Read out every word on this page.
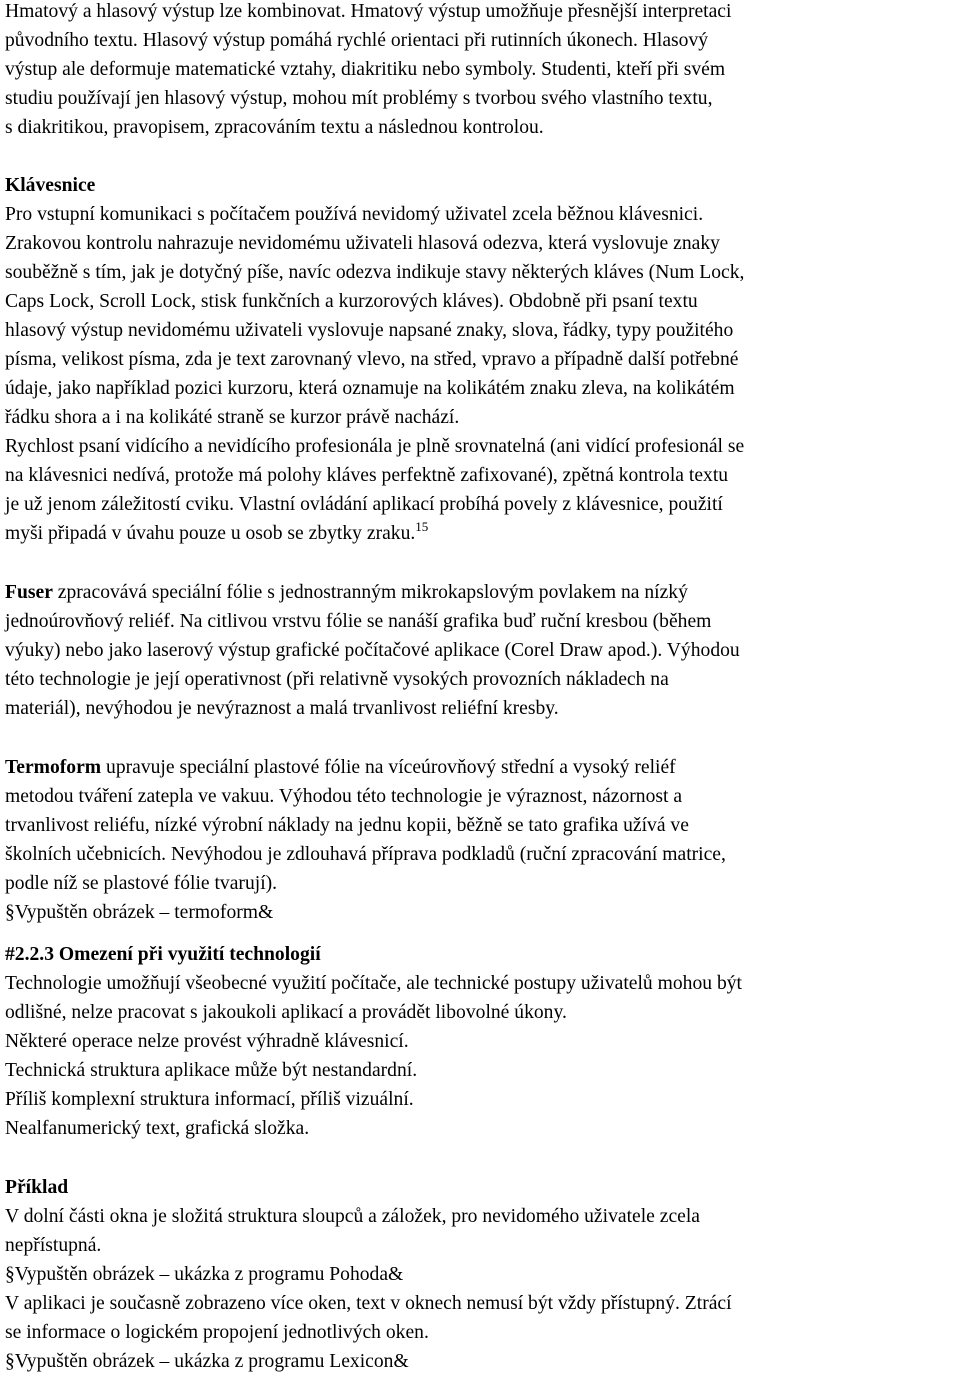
Hmatový a hlasový výstup lze kombinovat. Hmatový výstup umožňuje přesnější interpretaci
původního textu. Hlasový výstup pomáhá rychlé orientaci při rutinních úkonech. Hlasový
výstup ale deformuje matematické vztahy, diakritiku nebo symboly. Studenti, kteří při svém
studiu používají jen hlasový výstup, mohou mít problémy s tvorbou svého vlastního textu,
s diakritikou, pravopisem, zpracováním textu a následnou kontrolou.
Klávesnice
Pro vstupní komunikaci s počítačem používá nevidomý uživatel zcela běžnou klávesnici.
Zrakovou kontrolu nahrazuje nevidomému uživateli hlasová odezva, která vyslovuje znaky
souběžně s tím, jak je dotyčný píše, navíc odezva indikuje stavy některých kláves (Num Lock,
Caps Lock, Scroll Lock, stisk funkčních a kurzorových kláves). Obdobně při psaní textu
hlasový výstup nevidomému uživateli vyslovuje napsané znaky, slova, řádky, typy použitého
písma, velikost písma, zda je text zarovnaný vlevo, na střed, vpravo a případně další potřebné
údaje, jako například pozici kurzoru, která oznamuje na kolikátém znaku zleva, na kolikátém
řádku shora a i na kolikáté straně se kurzor právě nachází.
Rychlost psaní vidícího a nevidícího profesionála je plně srovnatelná (ani vidící profesionál se
na klávesnici nedívá, protože má polohy kláves perfektně zafixované), zpětná kontrola textu
je už jenom záležitostí cviku. Vlastní ovládání aplikací probíhá povely z klávesnice, použití
myši připadá v úvahu pouze u osob se zbytky zraku.$^{15}$
Fuser zpracovává speciální fólie s jednostranným mikrokapslovým povlakem na nízký
jednoúrovňový reliéf. Na citlivou vrstvu fólie se nanáší grafika buď ruční kresbou (během
výuky) nebo jako laserový výstup grafické počítačové aplikace (Corel Draw apod.). Výhodou
této technologie je její operativnost (při relativně vysokých provozních nákladech na
materiál), nevýhodou je nevýraznost a malá trvanlivost reliéfní kresby.
Termoform upravuje speciální plastové fólie na víceúrovňový střední a vysoký reliéf
metodou tváření zatepla ve vakuu. Výhodou této technologie je výraznost, názornost a
trvanlivost reliéfu, nízké výrobní náklady na jednu kopii, běžně se tato grafika užívá ve
školních učebnicích. Nevýhodou je zdlouhavá příprava podkladů (ruční zpracování matrice,
podle níž se plastové fólie tvarují).
§Vypuštěn obrázek – termoform&
#2.2.3 Omezení při využití technologií
Technologie umožňují všeobecné využití počítače, ale technické postupy uživatelů mohou být
odlišné, nelze pracovat s jakoukoli aplikací a provádět libovolné úkony.
Některé operace nelze provést výhradně klávesnicí.
Technická struktura aplikace může být nestandardní.
Příliš komplexní struktura informací, příliš vizuální.
Nealfanumerický text, grafická složka.
Příklad
V dolní části okna je složitá struktura sloupců a záložek, pro nevidomého uživatele zcela
nepřístupná.
§Vypuštěn obrázek – ukázka z programu Pohoda&
V aplikaci je současně zobrazeno více oken, text v oknech nemusí být vždy přístupný. Ztrácí
se informace o logickém propojení jednotlivých oken.
§Vypuštěn obrázek – ukázka z programu Lexicon&
